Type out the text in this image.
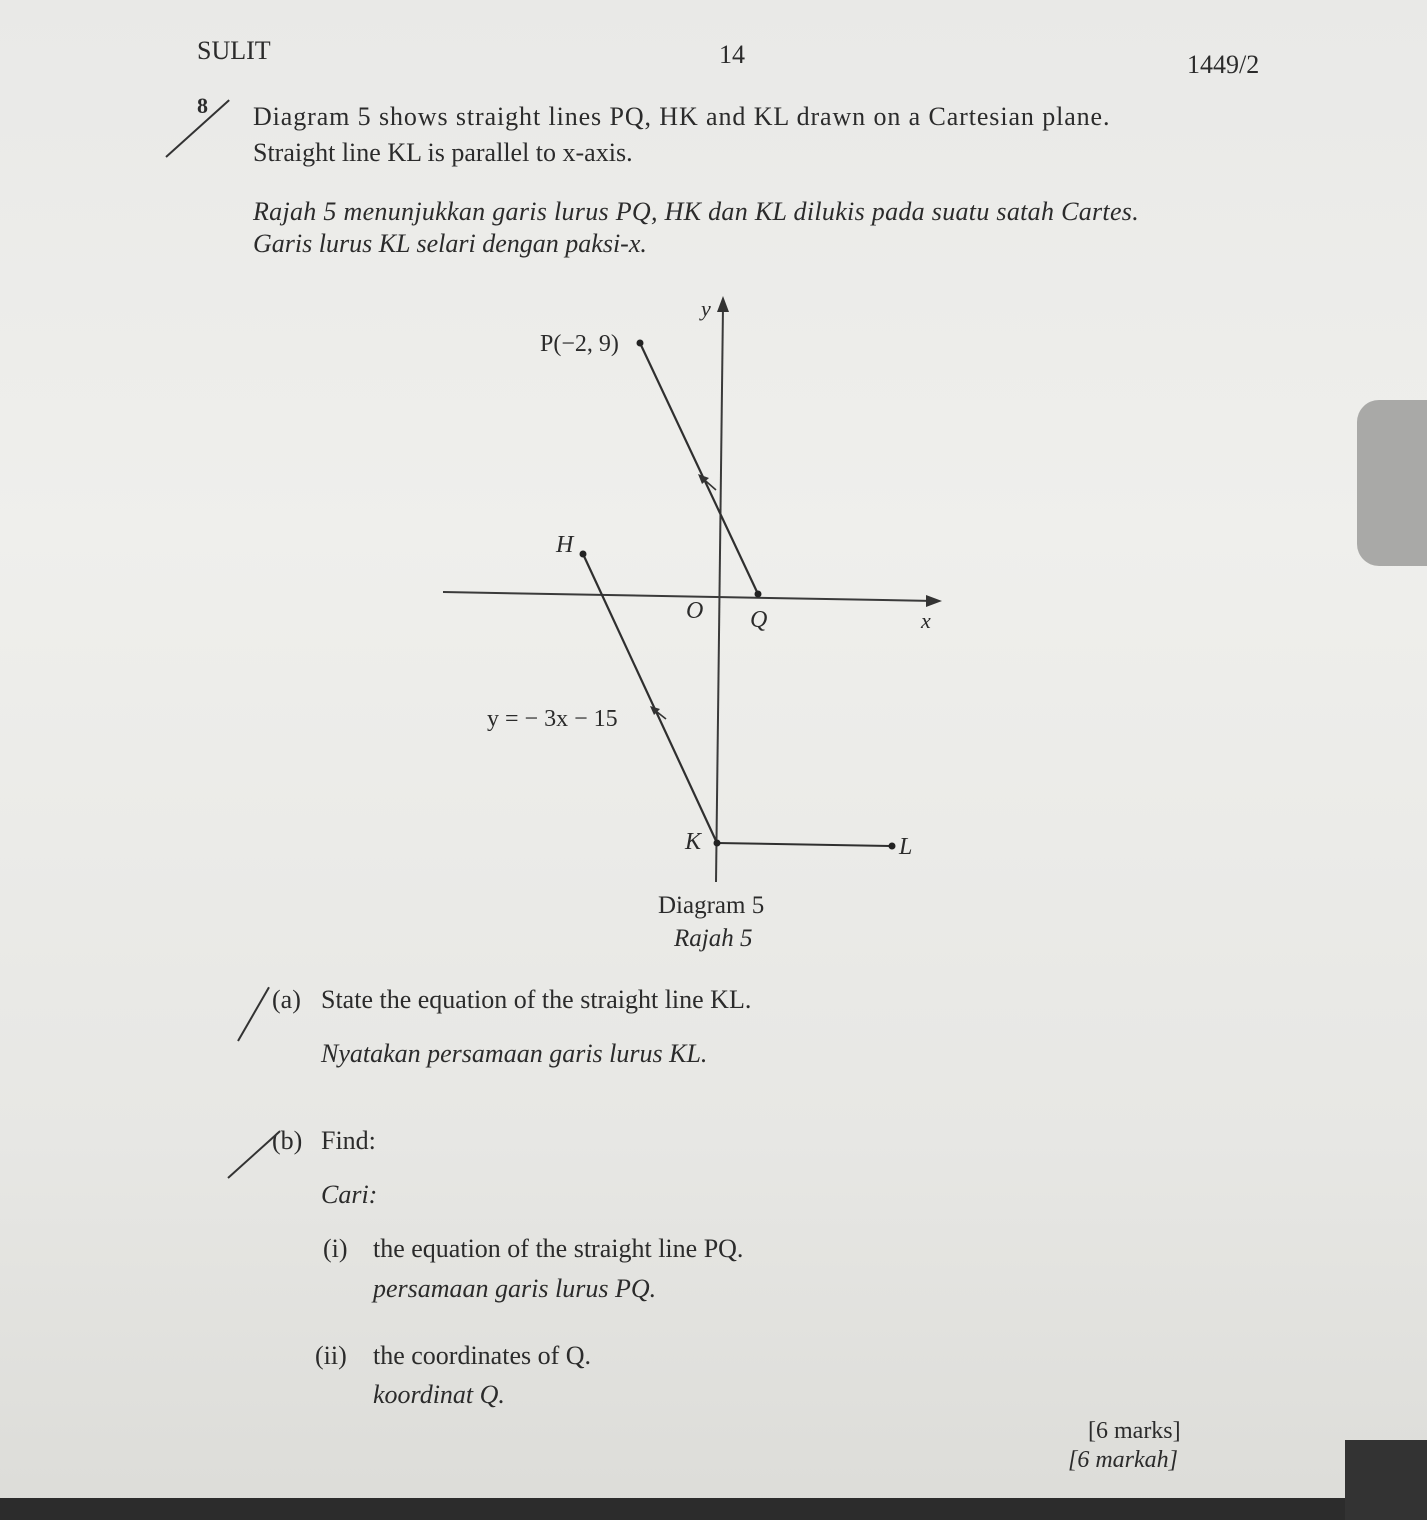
SULIT	14	1449/2
8 Diagram 5 shows straight lines PQ, HK and KL drawn on a Cartesian plane.
Straight line KL is parallel to x-axis.
Rajah 5 menunjukkan garis lurus PQ, HK dan KL dilukis pada suatu satah Cartes.
Garis lurus KL selari dengan paksi-x.
y
x
P(−2, 9)
H
O Q
K	L
y = − 3x − 15
Diagram 5
Rajah 5
(a) State the equation of the straight line KL.
Nyatakan persamaan garis lurus KL.
(b) Find:
Cari:
(i) the equation of the straight line PQ.
persamaan garis lurus PQ.
(ii) the coordinates of Q.
koordinat Q.
[6 marks]
[6 markah]
